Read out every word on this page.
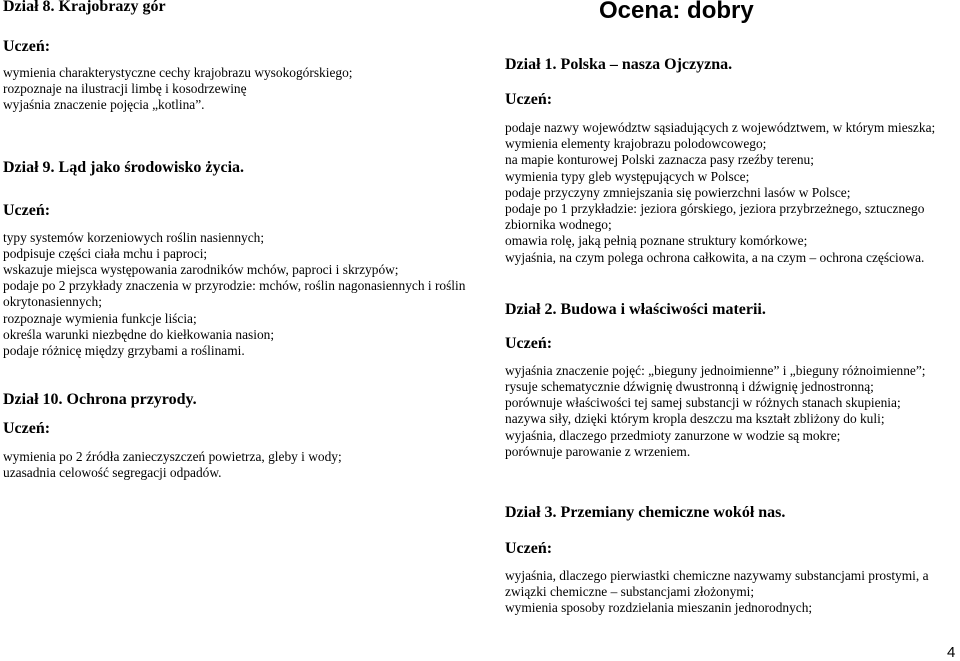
Ocena: dobry
Dział 8. Krajobrazy gór
Uczeń:

wymienia charakterystyczne cechy krajobrazu wysokogórskiego;

rozpoznaje na ilustracji limbę i kosodrzewinę

wyjaśnia znaczenie pojęcia „kotlina”.

Dział 9. Ląd jako środowisko życia.
Uczeń:

typy systemów korzeniowych roślin nasiennych;

podpisuje części ciała mchu i paproci;

wskazuje miejsca występowania zarodników mchów, paproci i skrzypów;

podaje po 2 przykłady znaczenia w przyrodzie: mchów, roślin nagonasiennych i roślin okrytonasiennych;

rozpoznaje wymienia funkcje liścia;

określa warunki niezbędne do kiełkowania nasion;

podaje różnicę między grzybami a roślinami.

Dział 10. Ochrona przyrody.
Uczeń:

wymienia po 2 źródła zanieczyszczeń powietrza, gleby i wody;

uzasadnia celowość segregacji odpadów.

Dział 1. Polska – nasza Ojczyzna.
Uczeń:

podaje nazwy województw sąsiadujących z województwem, w którym mieszka;

wymienia elementy krajobrazu polodowcowego;

na mapie konturowej Polski zaznacza pasy rzeźby terenu;

wymienia typy gleb występujących w Polsce;

podaje przyczyny zmniejszania się powierzchni lasów w Polsce;

podaje po 1 przykładzie: jeziora górskiego, jeziora przybrzeżnego, sztucznego zbiornika wodnego;

omawia rolę, jaką pełnią poznane struktury komórkowe;

wyjaśnia, na czym polega ochrona całkowita, a na czym – ochrona częściowa.

Dział 2. Budowa i właściwości materii.
Uczeń:

wyjaśnia znaczenie pojęć: „bieguny jednoimienne” i „bieguny różnoimienne”;

rysuje schematycznie dźwignię dwustronną i dźwignię jednostronną;

porównuje właściwości tej samej substancji w różnych stanach skupienia;

nazywa siły, dzięki którym kropla deszczu ma kształt zbliżony do kuli;

wyjaśnia, dlaczego przedmioty zanurzone w wodzie są mokre;

porównuje parowanie z wrzeniem.

Dział 3. Przemiany chemiczne wokół nas.
Uczeń:

wyjaśnia, dlaczego pierwiastki chemiczne nazywamy substancjami prostymi, a związki chemiczne – substancjami złożonymi;

wymienia sposoby rozdzielania mieszanin jednorodnych;

4
